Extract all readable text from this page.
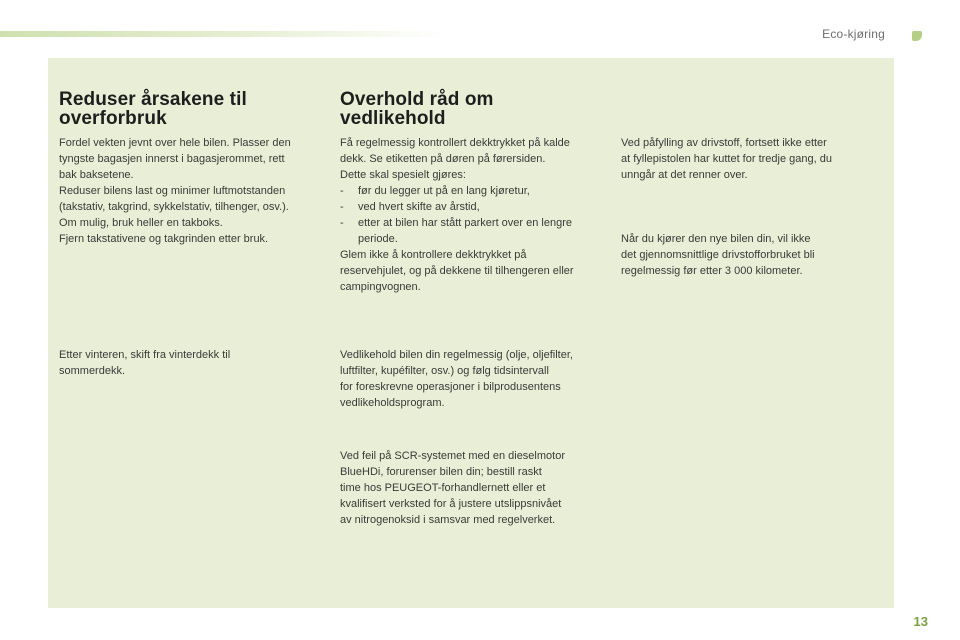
Eco-kjøring
Reduser årsakene til
overforbruk

Fordel vekten jevnt over hele bilen. Plasser den
tyngste bagasjen innerst i bagasjerommet, rett
bak baksetene.
Reduser bilens last og minimer luftmotstanden
(takstativ, takgrind, sykkelstativ, tilhenger, osv.).
Om mulig, bruk heller en takboks.
Fjern takstativene og takgrinden etter bruk.

Etter vinteren, skift fra vinterdekk til
sommerdekk.

Overhold råd om
vedlikehold

Få regelmessig kontrollert dekktrykket på kalde
dekk. Se etiketten på døren på førersiden.
Dette skal spesielt gjøres:
-	før du legger ut på en lang kjøretur,
-	ved hvert skifte av årstid,
-	etter at bilen har stått parkert over en lengre
periode.
Glem ikke å kontrollere dekktrykket på
reservehjulet, og på dekkene til tilhengeren eller
campingvognen.

Vedlikehold bilen din regelmessig (olje, oljefilter,
luftfilter, kupéfilter, osv.) og følg tidsintervall
for foreskrevne operasjoner i bilprodusentens
vedlikeholdsprogram.

Ved feil på SCR-systemet med en dieselmotor
BlueHDi, forurenser bilen din; bestill raskt
time hos PEUGEOT-forhandlernett eller et
kvalifisert verksted for å justere utslippsnivået
av nitrogenoksid i samsvar med regelverket.

Ved påfylling av drivstoff, fortsett ikke etter
at fyllepistolen har kuttet for tredje gang, du
unngår at det renner over.

Når du kjører den nye bilen din, vil ikke
det gjennomsnittlige drivstofforbruket bli
regelmessig før etter 3 000 kilometer.

13
